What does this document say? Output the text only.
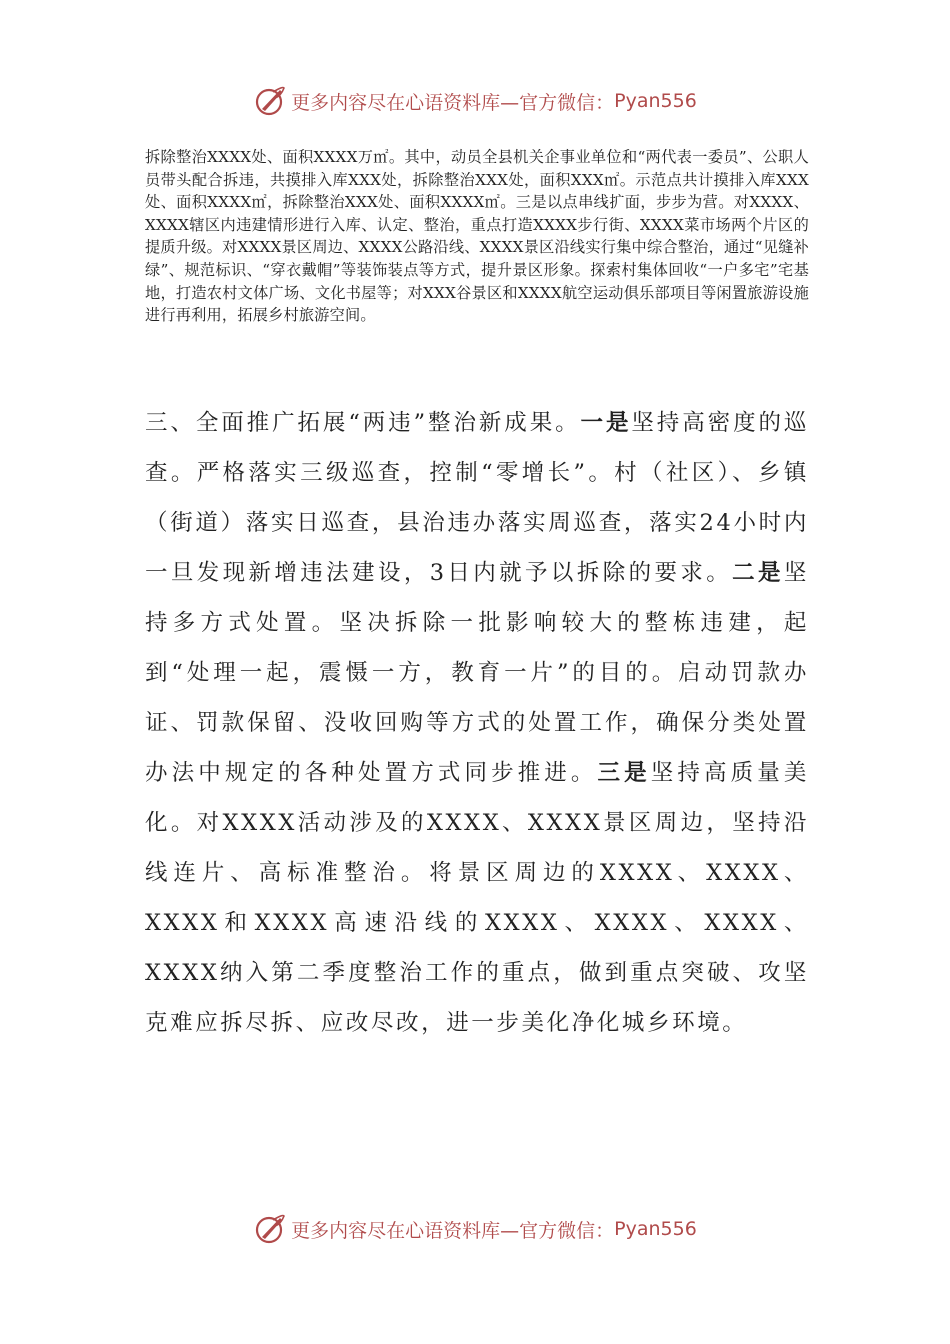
更多内容尽在心语资料库—官方微信： Pyan556

拆除整治XXXX处、面积XXXX万㎡。其中，动员全县机关企事业单位和“两代表一委员”、公职人员带头配合拆违，共摸排入库XXX处，拆除整治XXX处，面积XXX㎡。示范点共计摸排入库XXX处、面积XXXX㎡，拆除整治XXX处、面积XXXX㎡。三是以点串线扩面，步步为营。对XXXX、XXXX辖区内违建情形进行入库、认定、整治，重点打造XXXX步行街、XXXX菜市场两个片区的提质升级。对XXXX景区周边、XXXX公路沿线、XXXX景区沿线实行集中综合整治，通过“见缝补绿”、规范标识、“穿衣戴帽”等装饰装点等方式，提升景区形象。探索村集体回收“一户多宅”宅基地，打造农村文体广场、文化书屋等；对XXX谷景区和XXXX航空运动俱乐部项目等闲置旅游设施进行再利用，拓展乡村旅游空间。

三、全面推广拓展“两违”整治新成果。一是坚持高密度的巡查。严格落实三级巡查，控制“零增长”。村（社区）、乡镇（街道）落实日巡查，县治违办落实周巡查，落实24小时内一旦发现新增违法建设，3日内就予以拆除的要求。二是坚持多方式处置。坚决拆除一批影响较大的整栋违建，起到“处理一起，震慑一方，教育一片”的目的。启动罚款办证、罚款保留、没收回购等方式的处置工作，确保分类处置办法中规定的各种处置方式同步推进。三是坚持高质量美化。对XXXX活动涉及的XXXX、XXXX景区周边，坚持沿线连片、高标准整治。将景区周边的XXXX、XXXX、XXXX和XXXX高速沿线的XXXX、XXXX、XXXX、XXXX纳入第二季度整治工作的重点，做到重点突破、攻坚克难应拆尽拆、应改尽改，进一步美化净化城乡环境。

更多内容尽在心语资料库—官方微信： Pyan556
